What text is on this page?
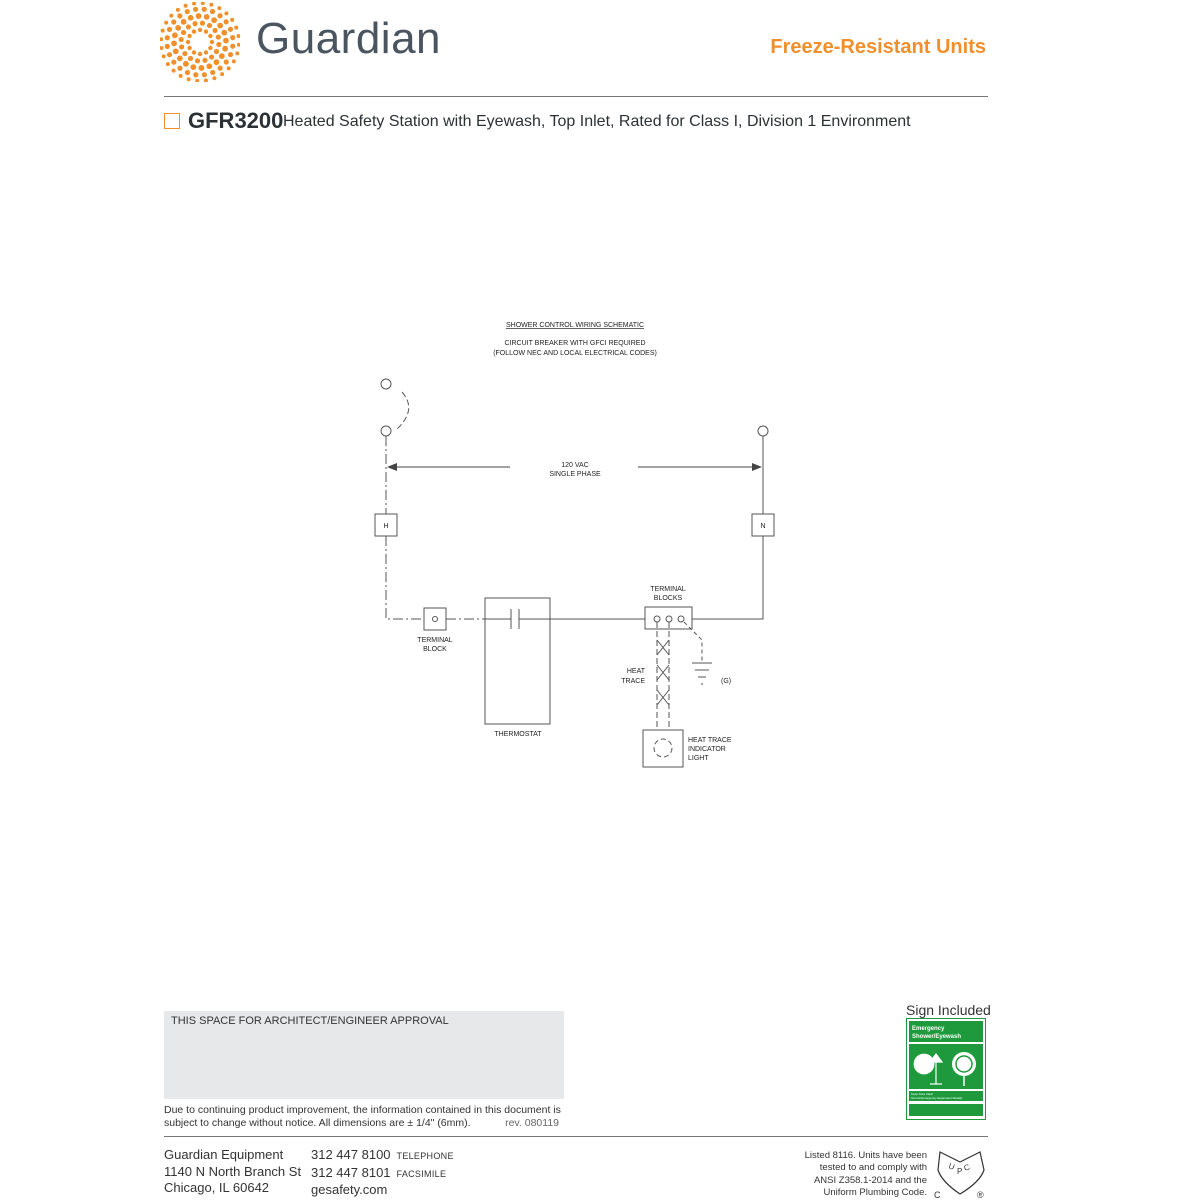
Guardian	Freeze-Resistant Units
GFR3200 Heated Safety Station with Eyewash, Top Inlet, Rated for Class I, Division 1 Environment
SHOWER CONTROL WIRING SCHEMATIC
CIRCUIT BREAKER WITH GFCI REQUIRED
(FOLLOW NEC AND LOCAL ELECTRICAL CODES)
120 VAC
SINGLE PHASE
H	N
TERMINAL
BLOCK
TERMINAL
BLOCKS
THERMOSTAT
HEAT
TRACE	(G)
HEAT TRACE
INDICATOR
LIGHT
THIS SPACE FOR ARCHITECT/ENGINEER APPROVAL
Due to continuing product improvement, the information contained in this document is subject to change without notice. All dimensions are ± 1/4" (6mm).	rev. 080119
Guardian Equipment
1140 N North Branch St
Chicago, IL 60642
312 447 8100 TELEPHONE
312 447 8101 FACSIMILE
gesafety.com
Sign Included
Emergency
Shower/Eyewash
Keep Area Clear
Test All Emergency Equipment Weekly
Listed 8116. Units have been
tested to and comply with
ANSI Z358.1-2014 and the
Uniform Plumbing Code.
U P C
C	®
